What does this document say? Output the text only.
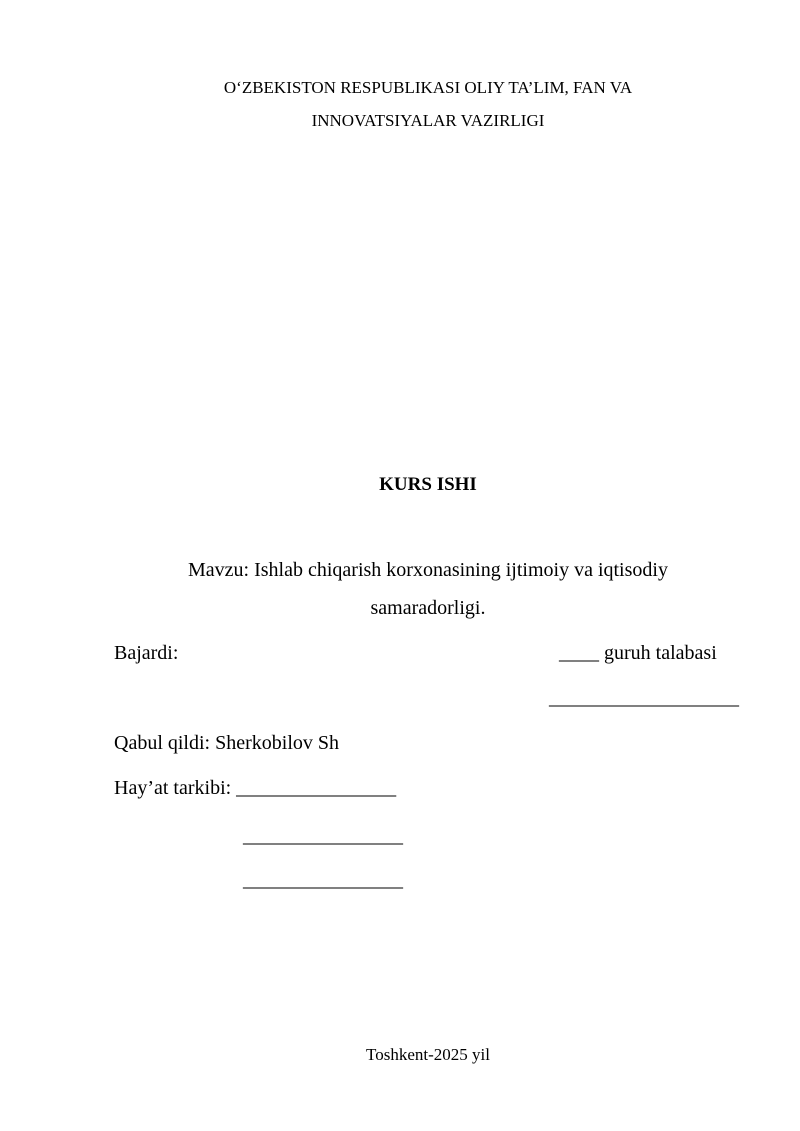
O‘ZBEKISTON RESPUBLIKASI OLIY TA’LIM, FAN VA
INNOVATSIYALAR VAZIRLIGI
KURS ISHI
Mavzu: Ishlab chiqarish korxonasining ijtimoiy va iqtisodiy
samaradorligi.
Bajardi:	____ guruh talabasi
___________________
Qabul qildi: Sherkobilov Sh
Hay’at tarkibi: ________________
________________
________________
Toshkent-2025 yil
